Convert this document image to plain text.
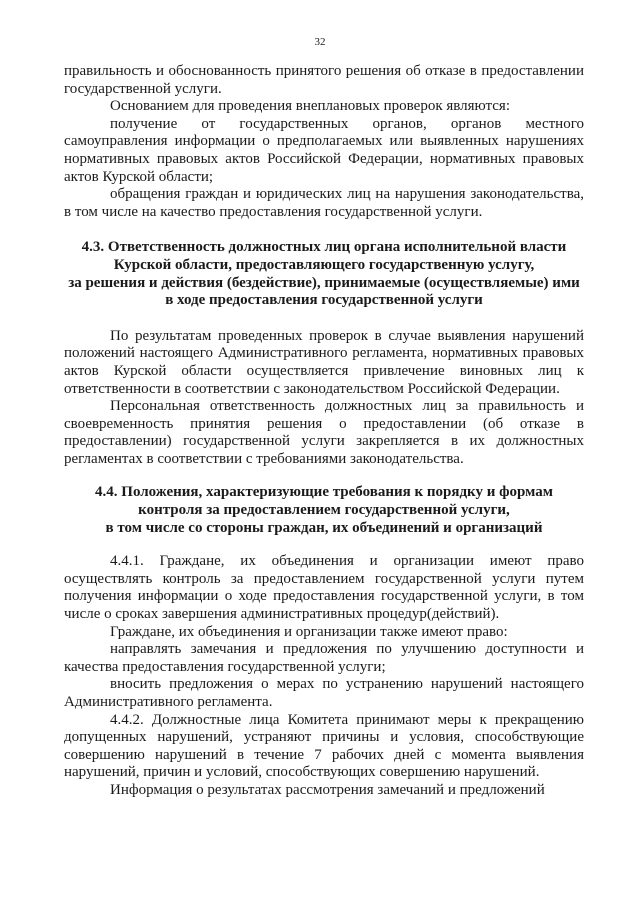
32

правильность и обоснованность принятого решения об отказе в предоставлении государственной услуги.

Основанием для проведения внеплановых проверок являются:

получение от государственных органов, органов местного самоуправления информации о предполагаемых или выявленных нарушениях нормативных правовых актов Российской Федерации, нормативных правовых актов Курской области;

обращения граждан и юридических лиц на нарушения законодательства, в том числе на качество предоставления государственной услуги.

4.3. Ответственность должностных лиц органа исполнительной власти
Курской области, предоставляющего государственную услугу,
за решения и действия (бездействие), принимаемые (осуществляемые) ими
в ходе предоставления государственной услуги

По результатам проведенных проверок в случае выявления нарушений положений настоящего Административного регламента, нормативных правовых актов Курской области осуществляется привлечение виновных лиц к ответственности в соответствии с законодательством Российской Федерации.

Персональная ответственность должностных лиц за правильность и своевременность принятия решения о предоставлении (об отказе в предоставлении) государственной услуги закрепляется в их должностных регламентах в соответствии с требованиями законодательства.

4.4. Положения, характеризующие требования к порядку и формам
контроля за предоставлением государственной услуги,
в том числе со стороны граждан, их объединений и организаций

4.4.1. Граждане, их объединения и организации имеют право осуществлять контроль за предоставлением государственной услуги путем получения информации о ходе предоставления государственной услуги, в том числе о сроках завершения административных процедур(действий).

Граждане, их объединения и организации также имеют право:

направлять замечания и предложения по улучшению доступности и качества предоставления государственной услуги;

вносить предложения о мерах по устранению нарушений настоящего Административного регламента.

4.4.2. Должностные лица Комитета принимают меры к прекращению допущенных нарушений, устраняют причины и условия, способствующие совершению нарушений в течение 7 рабочих дней с момента выявления нарушений, причин и условий, способствующих совершению нарушений.

Информация о результатах рассмотрения замечаний и предложений
